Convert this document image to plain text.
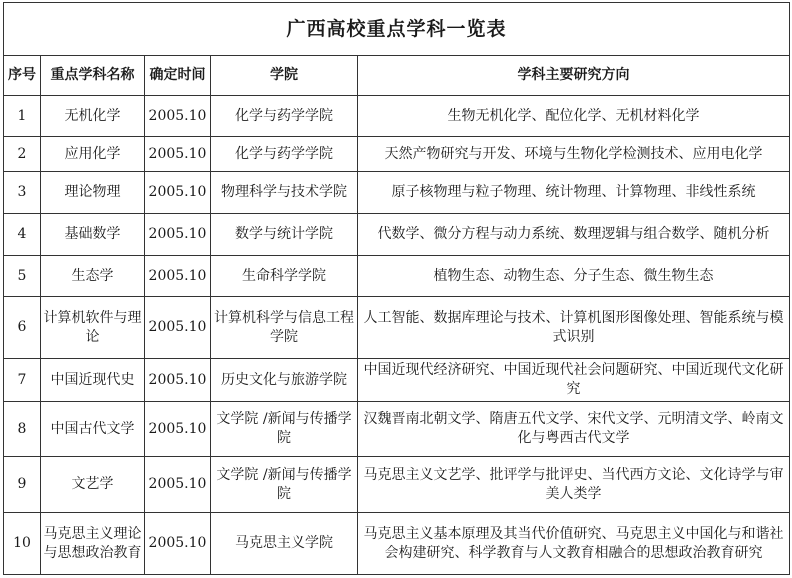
广西高校重点学科一览表				
序号	重点学科名称	确定时间	学院	学科主要研究方向
1	无机化学	2005.10	化学与药学学院	生物无机化学、配位化学、无机材料化学
2	应用化学	2005.10	化学与药学学院	天然产物研究与开发、环境与生物化学检测技术、应用电化学
3	理论物理	2005.10	物理科学与技术学院	原子核物理与粒子物理、统计物理、计算物理、非线性系统
4	基础数学	2005.10	数学与统计学院	代数学、微分方程与动力系统、数理逻辑与组合数学、随机分析
5	生态学	2005.10	生命科学学院	植物生态、动物生态、分子生态、微生物生态
6	计算机软件与理论	2005.10	计算机科学与信息工程学院	人工智能、数据库理论与技术、计算机图形图像处理、智能系统与模式识别
7	中国近现代史	2005.10	历史文化与旅游学院	中国近现代经济研究、中国近现代社会问题研究、中国近现代文化研究
8	中国古代文学	2005.10	文学院 /新闻与传播学院	汉魏晋南北朝文学、隋唐五代文学、宋代文学、元明清文学、岭南文化与粤西古代文学
9	文艺学	2005.10	文学院 /新闻与传播学院	马克思主义文艺学、批评学与批评史、当代西方文论、文化诗学与审美人类学
10	马克思主义理论与思想政治教育	2005.10	马克思主义学院	马克思主义基本原理及其当代价值研究、马克思主义中国化与和谐社会构建研究、科学教育与人文教育相融合的思想政治教育研究
